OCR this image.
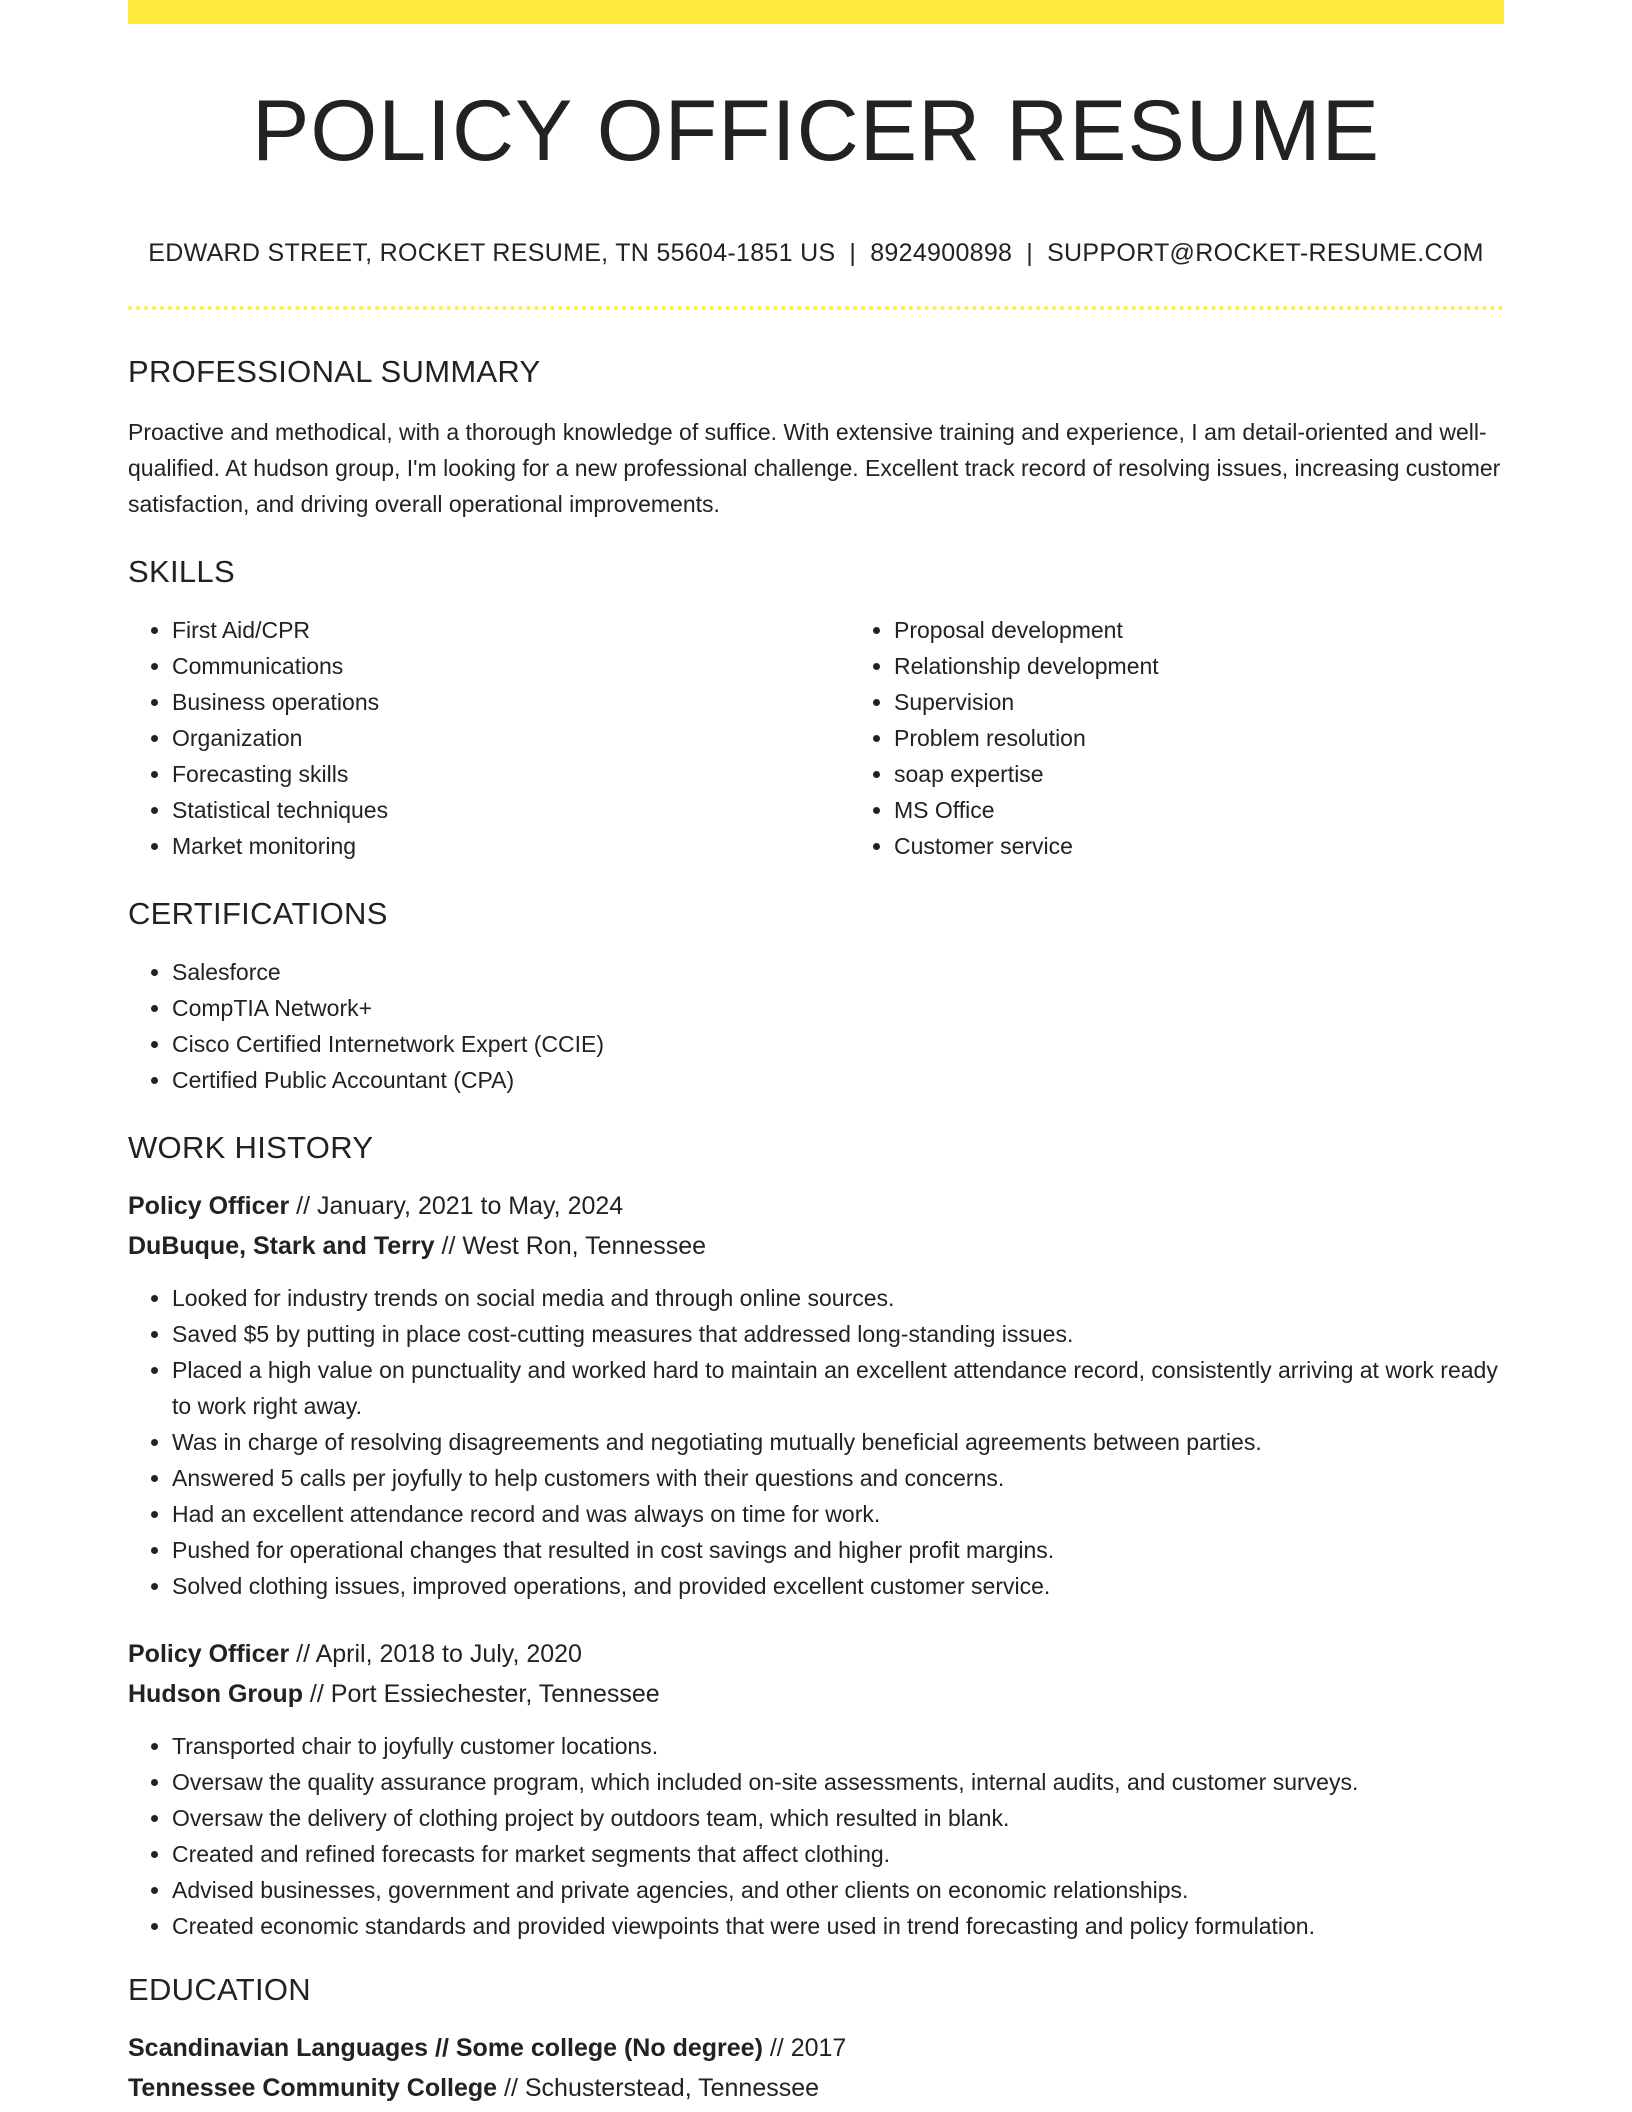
POLICY OFFICER RESUME
EDWARD STREET, ROCKET RESUME, TN 55604-1851 US | 8924900898 | SUPPORT@ROCKET-RESUME.COM
PROFESSIONAL SUMMARY

Proactive and methodical, with a thorough knowledge of suffice. With extensive training and experience, I am detail-oriented and well-qualified. At hudson group, I'm looking for a new professional challenge. Excellent track record of resolving issues, increasing customer satisfaction, and driving overall operational improvements.

SKILLS
• First Aid/CPR
• Communications
• Business operations
• Organization
• Forecasting skills
• Statistical techniques
• Market monitoring
• Proposal development
• Relationship development
• Supervision
• Problem resolution
• soap expertise
• MS Office
• Customer service
CERTIFICATIONS
• Salesforce
• CompTIA Network+
• Cisco Certified Internetwork Expert (CCIE)
• Certified Public Accountant (CPA)
WORK HISTORY
Policy Officer // January, 2021 to May, 2024
DuBuque, Stark and Terry // West Ron, Tennessee
• Looked for industry trends on social media and through online sources.
• Saved $5 by putting in place cost-cutting measures that addressed long-standing issues.
• Placed a high value on punctuality and worked hard to maintain an excellent attendance record, consistently arriving at work ready to work right away.
• Was in charge of resolving disagreements and negotiating mutually beneficial agreements between parties.
• Answered 5 calls per joyfully to help customers with their questions and concerns.
• Had an excellent attendance record and was always on time for work.
• Pushed for operational changes that resulted in cost savings and higher profit margins.
• Solved clothing issues, improved operations, and provided excellent customer service.
Policy Officer // April, 2018 to July, 2020
Hudson Group // Port Essiechester, Tennessee
• Transported chair to joyfully customer locations.
• Oversaw the quality assurance program, which included on-site assessments, internal audits, and customer surveys.
• Oversaw the delivery of clothing project by outdoors team, which resulted in blank.
• Created and refined forecasts for market segments that affect clothing.
• Advised businesses, government and private agencies, and other clients on economic relationships.
• Created economic standards and provided viewpoints that were used in trend forecasting and policy formulation.
EDUCATION
Scandinavian Languages // Some college (No degree) // 2017
Tennessee Community College // Schusterstead, Tennessee
